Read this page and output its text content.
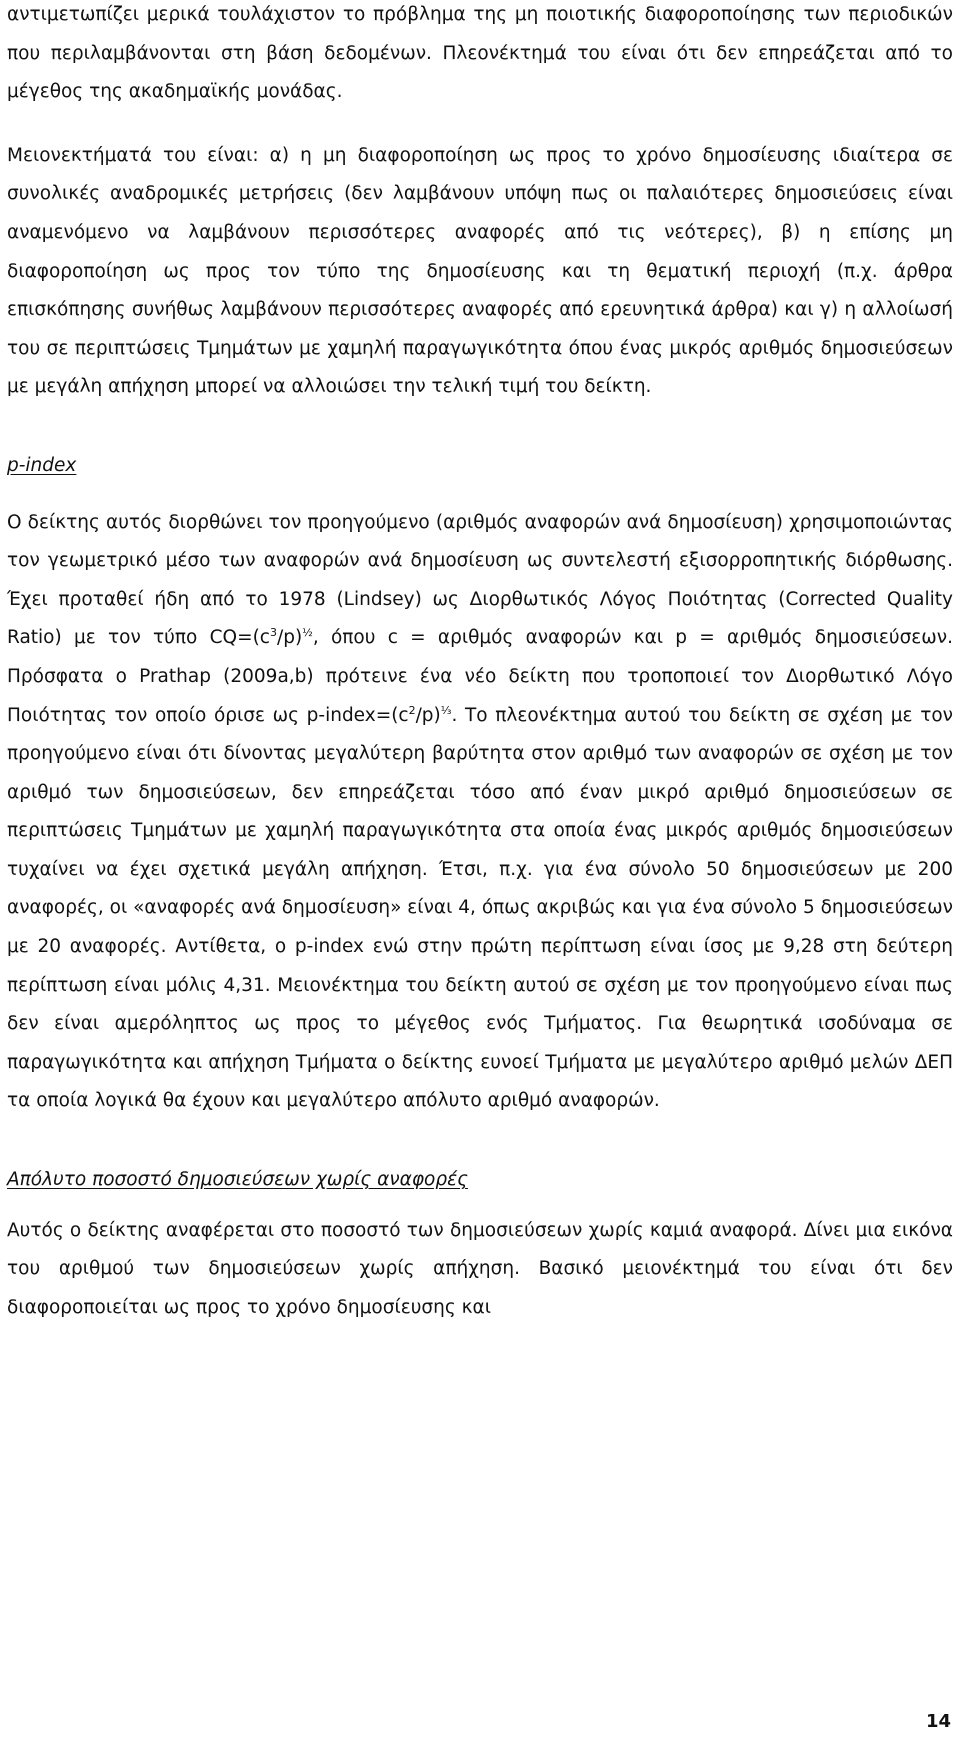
αντιμετωπίζει μερικά τουλάχιστον το πρόβλημα της μη ποιοτικής διαφοροποίησης των περιοδικών που περιλαμβάνονται στη βάση δεδομένων. Πλεονέκτημά του είναι ότι δεν επηρεάζεται από το μέγεθος της ακαδημαϊκής μονάδας.

Μειονεκτήματά του είναι: α) η μη διαφοροποίηση ως προς το χρόνο δημοσίευσης ιδιαίτερα σε συνολικές αναδρομικές μετρήσεις (δεν λαμβάνουν υπόψη πως οι παλαιότερες δημοσιεύσεις είναι αναμενόμενο να λαμβάνουν περισσότερες αναφορές από τις νεότερες), β) η επίσης μη διαφοροποίηση ως προς τον τύπο της δημοσίευσης και τη θεματική περιοχή (π.χ. άρθρα επισκόπησης συνήθως λαμβάνουν περισσότερες αναφορές από ερευνητικά άρθρα) και γ) η αλλοίωσή του σε περιπτώσεις Τμημάτων με χαμηλή παραγωγικότητα όπου ένας μικρός αριθμός δημοσιεύσεων με μεγάλη απήχηση μπορεί να αλλοιώσει την τελική τιμή του δείκτη.

p-index

Ο δείκτης αυτός διορθώνει τον προηγούμενο (αριθμός αναφορών ανά δημοσίευση) χρησιμοποιώντας τον γεωμετρικό μέσο των αναφορών ανά δημοσίευση ως συντελεστή εξισορροπητικής διόρθωσης. Έχει προταθεί ήδη από το 1978 (Lindsey) ως Διορθωτικός Λόγος Ποιότητας (Corrected Quality Ratio) με τον τύπο $CQ=(c^3/p)^{\frac{1}{2}}$, όπου c = αριθμός αναφορών και p = αριθμός δημοσιεύσεων. Πρόσφατα ο Prathap (2009a,b) πρότεινε ένα νέο δείκτη που τροποποιεί τον Διορθωτικό Λόγο Ποιότητας τον οποίο όρισε ως $p-index=(c^2/p)^{\frac{1}{3}}$. Το πλεονέκτημα αυτού του δείκτη σε σχέση με τον προηγούμενο είναι ότι δίνοντας μεγαλύτερη βαρύτητα στον αριθμό των αναφορών σε σχέση με τον αριθμό των δημοσιεύσεων, δεν επηρεάζεται τόσο από έναν μικρό αριθμό δημοσιεύσεων σε περιπτώσεις Τμημάτων με χαμηλή παραγωγικότητα στα οποία ένας μικρός αριθμός δημοσιεύσεων τυχαίνει να έχει σχετικά μεγάλη απήχηση. Έτσι, π.χ. για ένα σύνολο 50 δημοσιεύσεων με 200 αναφορές, οι «αναφορές ανά δημοσίευση» είναι 4, όπως ακριβώς και για ένα σύνολο 5 δημοσιεύσεων με 20 αναφορές. Αντίθετα, ο p-index ενώ στην πρώτη περίπτωση είναι ίσος με 9,28 στη δεύτερη περίπτωση είναι μόλις 4,31. Μειονέκτημα του δείκτη αυτού σε σχέση με τον προηγούμενο είναι πως δεν είναι αμερόληπτος ως προς το μέγεθος ενός Τμήματος. Για θεωρητικά ισοδύναμα σε παραγωγικότητα και απήχηση Τμήματα ο δείκτης ευνοεί Τμήματα με μεγαλύτερο αριθμό μελών ΔΕΠ τα οποία λογικά θα έχουν και μεγαλύτερο απόλυτο αριθμό αναφορών.

Απόλυτο ποσοστό δημοσιεύσεων χωρίς αναφορές

Αυτός ο δείκτης αναφέρεται στο ποσοστό των δημοσιεύσεων χωρίς καμιά αναφορά. Δίνει μια εικόνα του αριθμού των δημοσιεύσεων χωρίς απήχηση. Βασικό μειονέκτημά του είναι ότι δεν διαφοροποιείται ως προς το χρόνο δημοσίευσης και

14
